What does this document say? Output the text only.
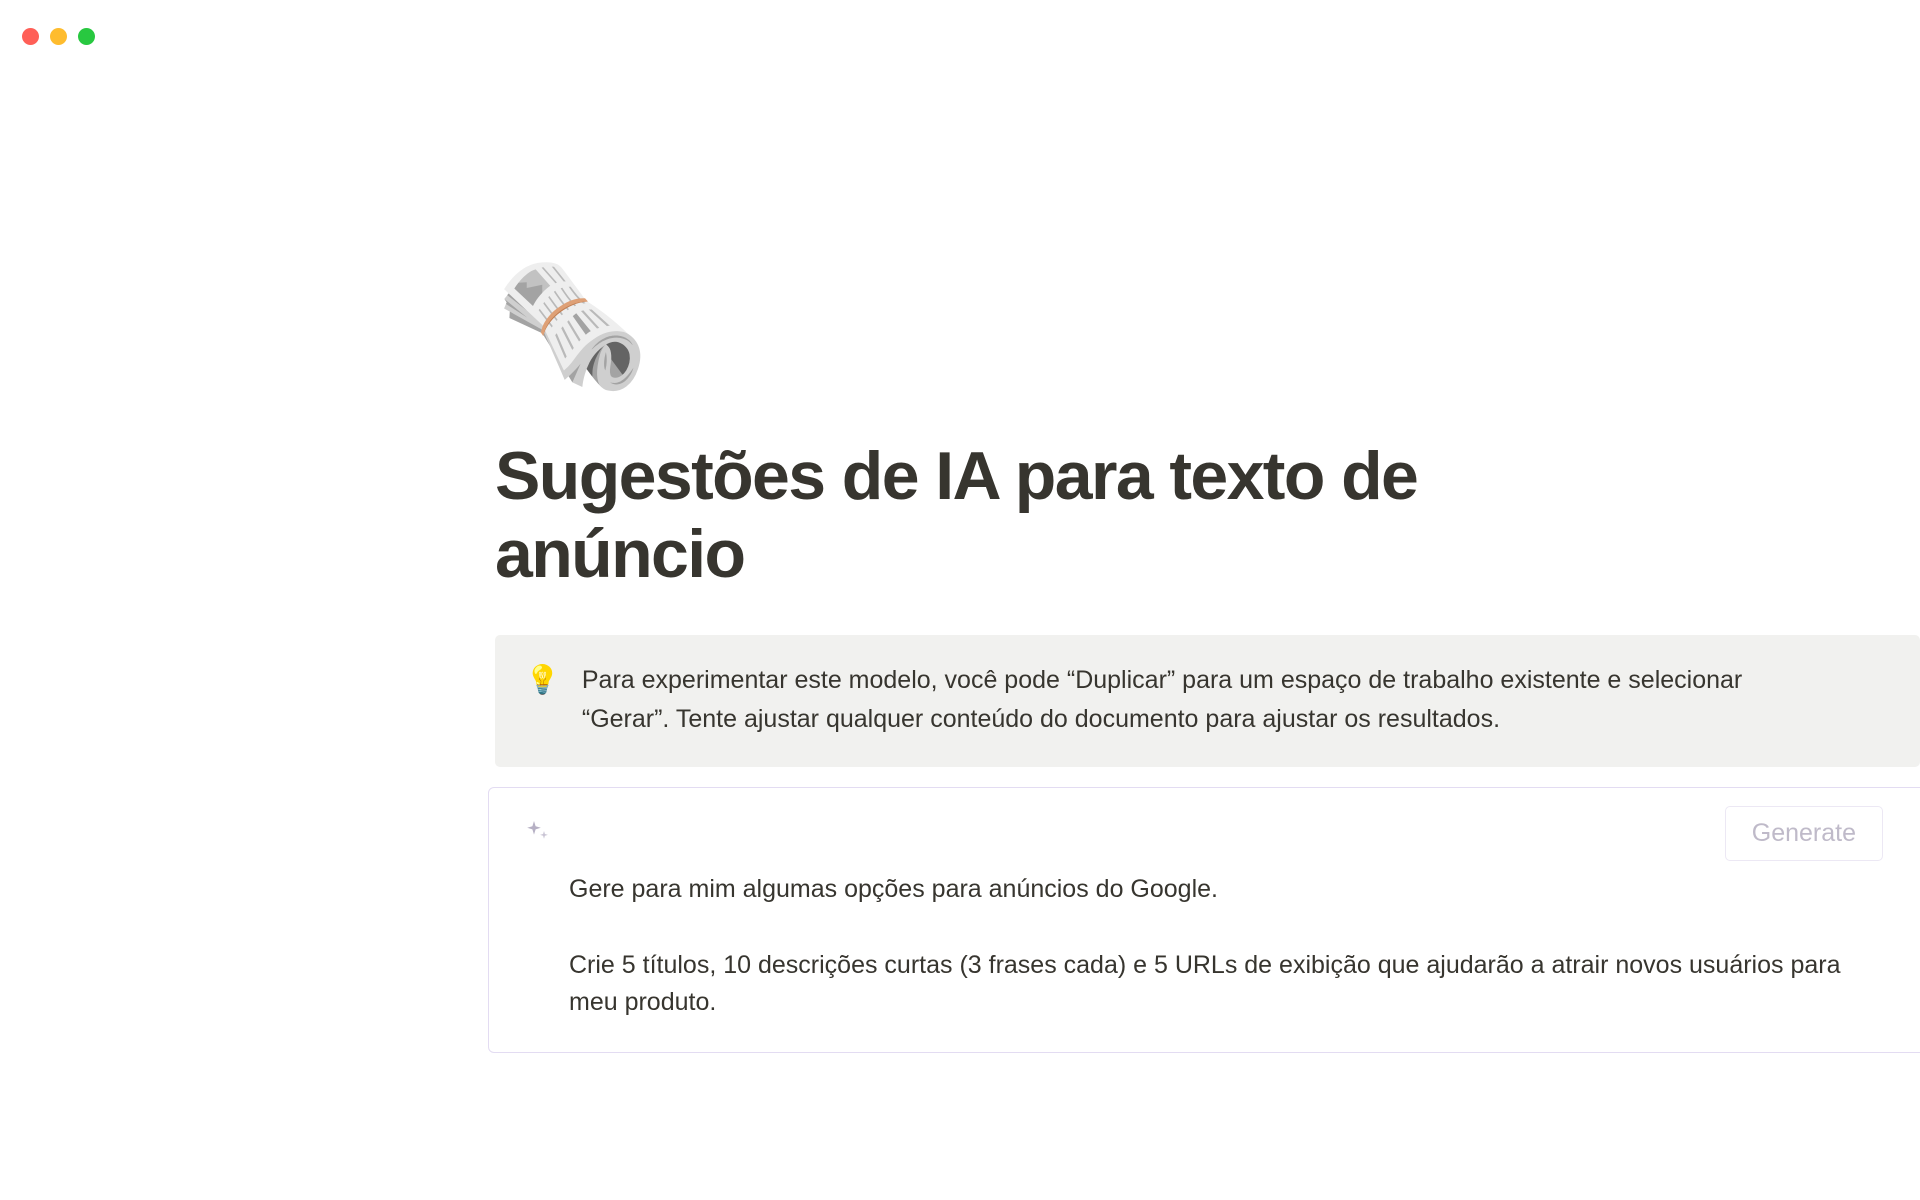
🗞️
Sugestões de IA para texto de anúncio
💡 Para experimentar este modelo, você pode “Duplicar” para um espaço de trabalho existente e selecionar “Gerar”. Tente ajustar qualquer conteúdo do documento para ajustar os resultados.
Generate

Gere para mim algumas opções para anúncios do Google.

Crie 5 títulos, 10 descrições curtas (3 frases cada) e 5 URLs de exibição que ajudarão a atrair novos usuários para meu produto.
